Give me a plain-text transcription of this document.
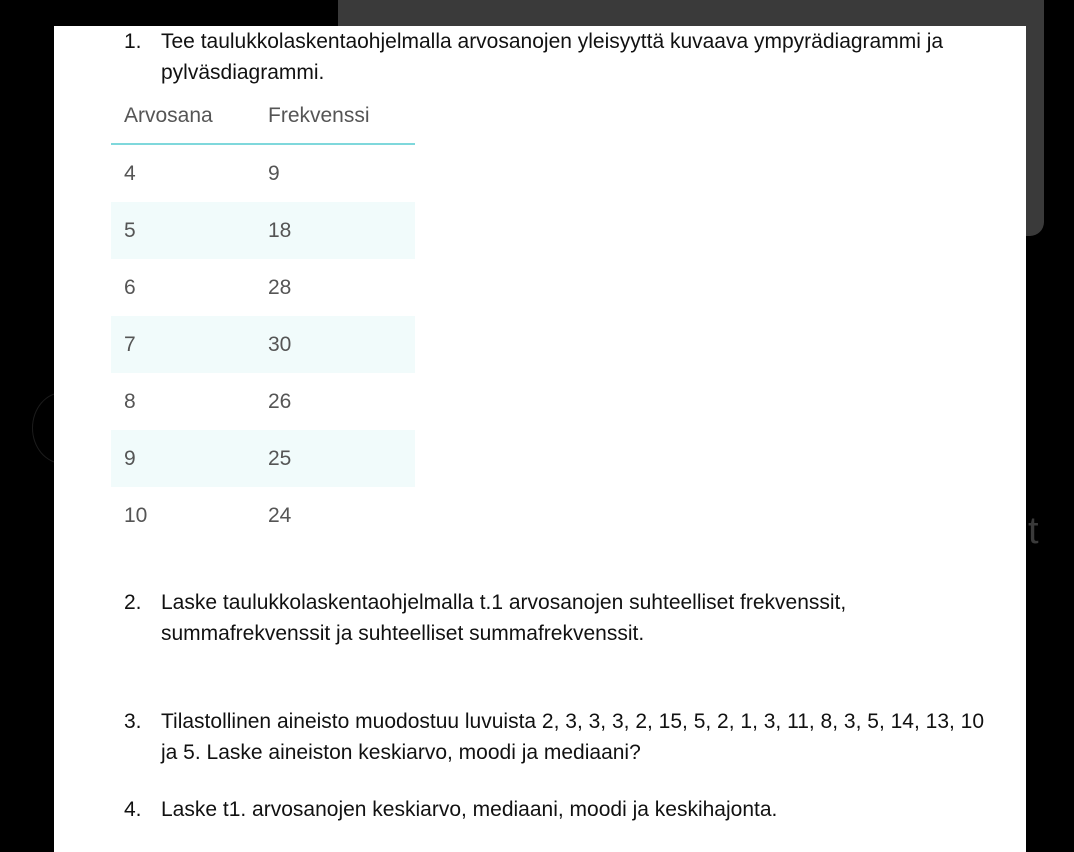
t
1. Tee taulukkolaskentaohjelmalla arvosanojen yleisyyttä kuvaava ympyrädiagrammi ja pylväsdiagrammi.
Arvosana	Frekvenssi
4	9
5	18
6	28
7	30
8	26
9	25
10	24
2. Laske taulukkolaskentaohjelmalla t.1 arvosanojen suhteelliset frekvenssit, summafrekvenssit ja suhteelliset summafrekvenssit.
3. Tilastollinen aineisto muodostuu luvuista 2, 3, 3, 3, 2, 15, 5, 2, 1, 3, 11, 8, 3, 5, 14, 13, 10 ja 5. Laske aineiston keskiarvo, moodi ja mediaani?
4. Laske t1. arvosanojen keskiarvo, mediaani, moodi ja keskihajonta.
